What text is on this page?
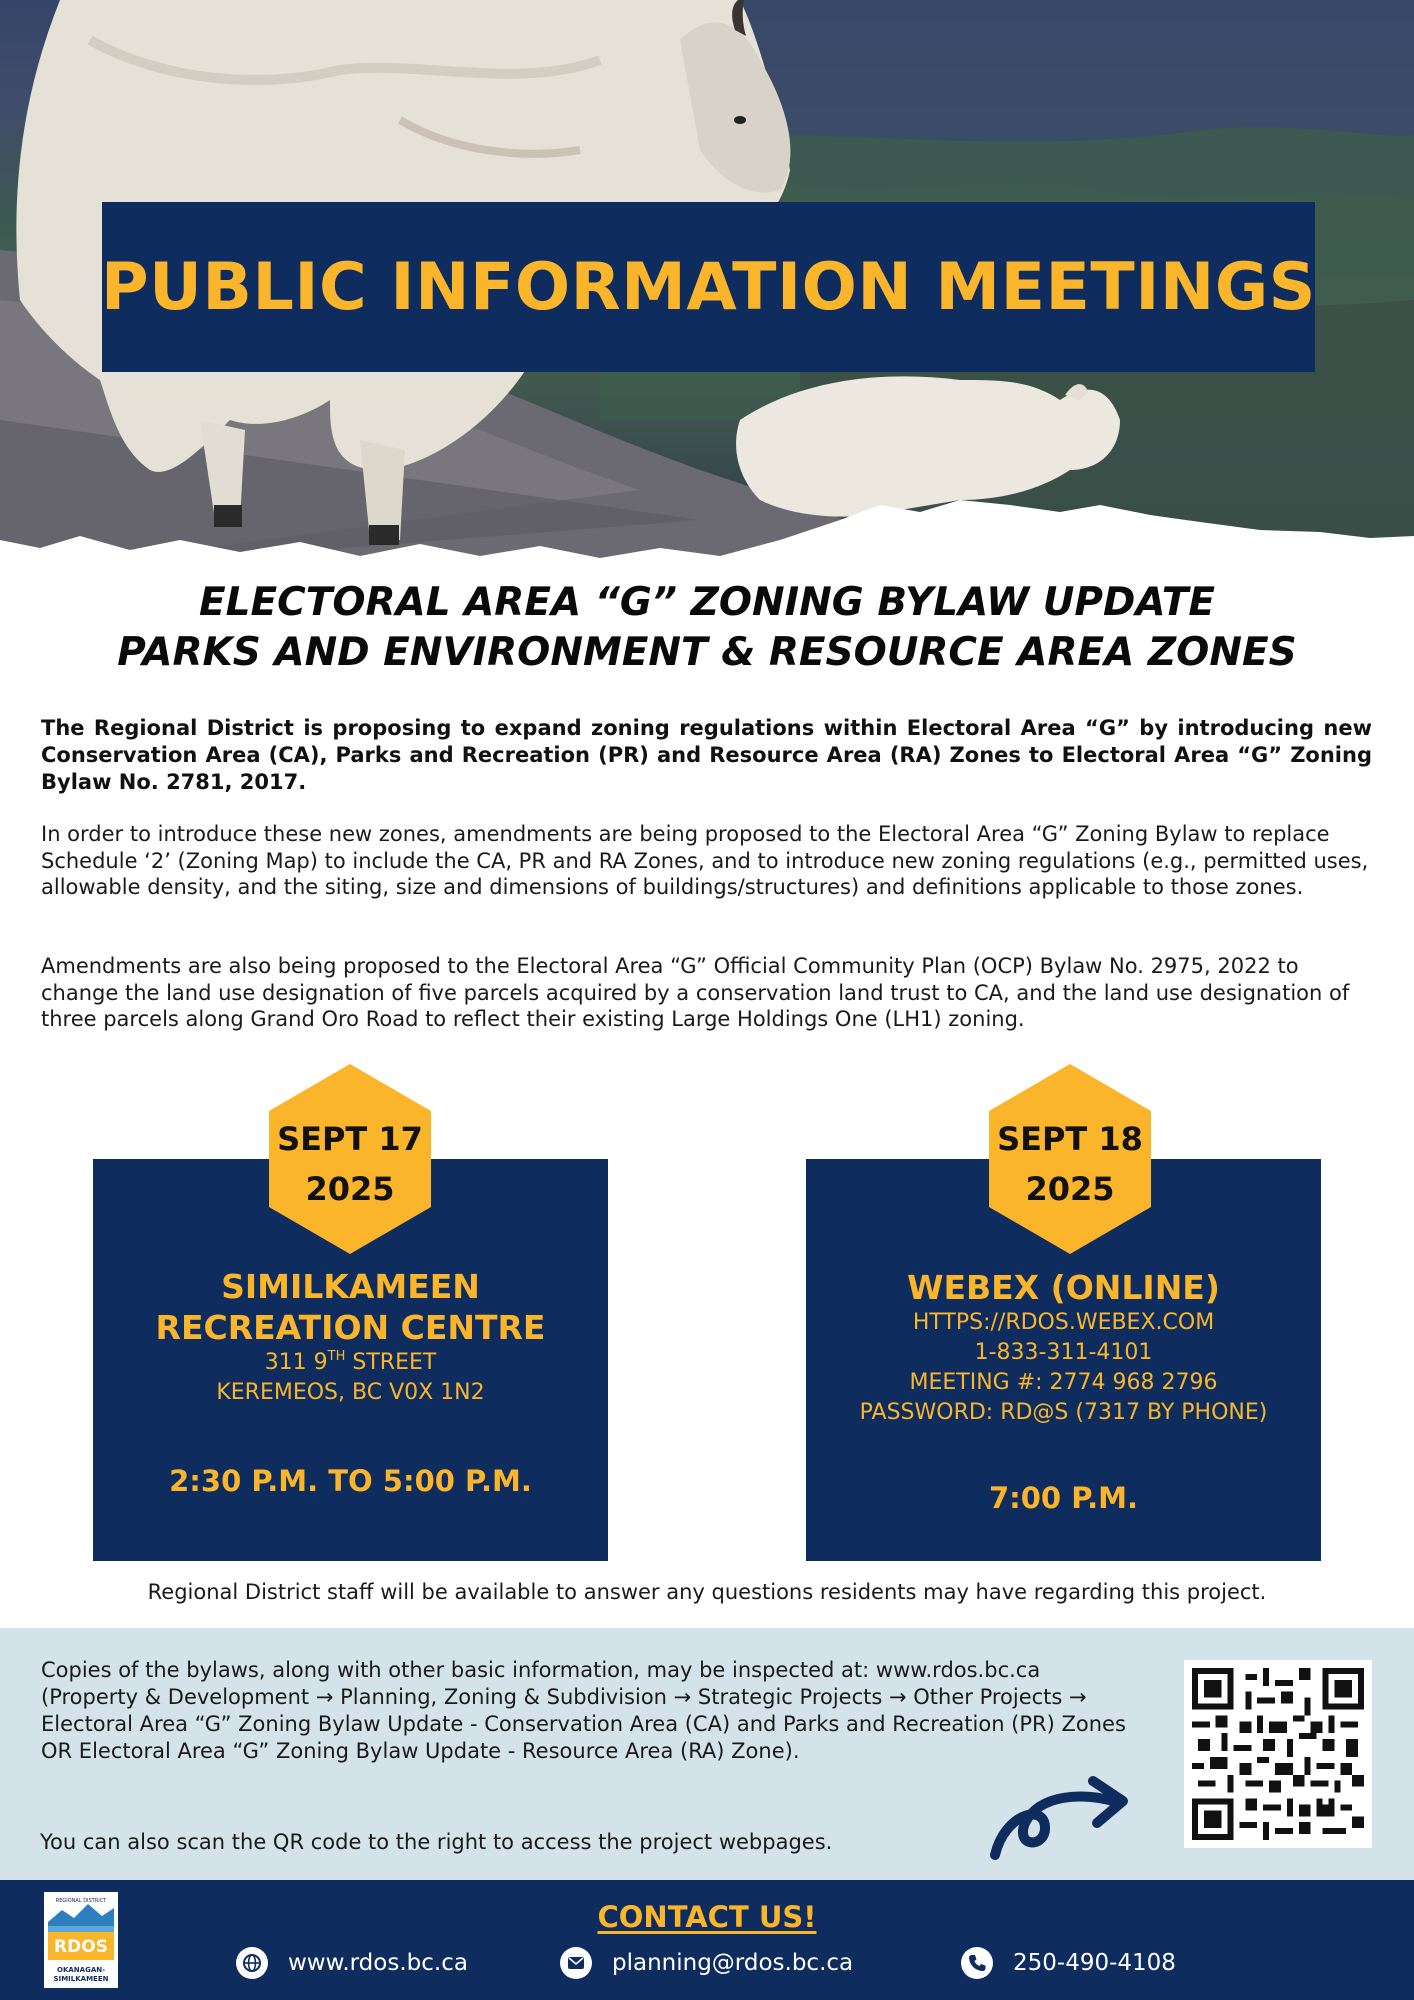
PUBLIC INFORMATION MEETINGS
ELECTORAL AREA “G” ZONING BYLAW UPDATE
PARKS AND ENVIRONMENT & RESOURCE AREA ZONES

The Regional District is proposing to expand zoning regulations within Electoral Area “G” by introducing new Conservation Area (CA), Parks and Recreation (PR) and Resource Area (RA) Zones to Electoral Area “G” Zoning Bylaw No. 2781, 2017.

In order to introduce these new zones, amendments are being proposed to the Electoral Area “G” Zoning Bylaw to replace Schedule ‘2’ (Zoning Map) to include the CA, PR and RA Zones, and to introduce new zoning regulations (e.g., permitted uses, allowable density, and the siting, size and dimensions of buildings/structures) and definitions applicable to those zones.

Amendments are also being proposed to the Electoral Area “G” Official Community Plan (OCP) Bylaw No. 2975, 2022 to change the land use designation of five parcels acquired by a conservation land trust to CA, and the land use designation of three parcels along Grand Oro Road to reflect their existing Large Holdings One (LH1) zoning.

SIMILKAMEEN
RECREATION CENTRE
311 9TH STREET
KEREMEOS, BC V0X 1N2
2:30 P.M. TO 5:00 P.M.
SEPT 17
2025
WEBEX (ONLINE)
HTTPS://RDOS.WEBEX.COM
1-833-311-4101
MEETING #: 2774 968 2796
PASSWORD: RD@S (7317 BY PHONE)
7:00 P.M.
SEPT 18
2025
Regional District staff will be available to answer any questions residents may have regarding this project.

Copies of the bylaws, along with other basic information, may be inspected at: www.rdos.bc.ca (Property & Development → Planning, Zoning & Subdivision → Strategic Projects → Other Projects → Electoral Area “G” Zoning Bylaw Update - Conservation Area (CA) and Parks and Recreation (PR) Zones OR Electoral Area “G” Zoning Bylaw Update - Resource Area (RA) Zone).

You can also scan the QR code to the right to access the project webpages.
REGIONAL DISTRICT
RDOS
OKANAGAN-
SIMILKAMEEN
CONTACT US!
www.rdos.bc.ca	planning@rdos.bc.ca	250-490-4108
